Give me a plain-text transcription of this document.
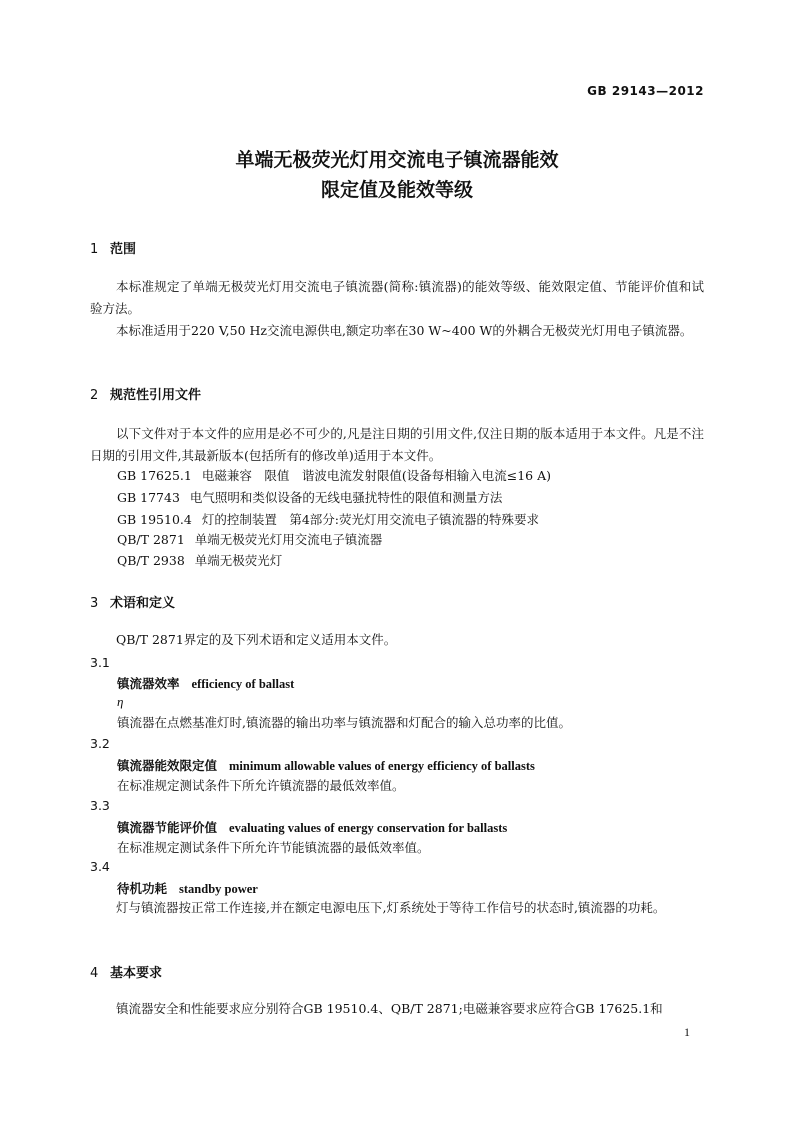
GB 29143—2012
单端无极荧光灯用交流电子镇流器能效
限定值及能效等级
1 范围
本标准规定了单端无极荧光灯用交流电子镇流器(简称:镇流器)的能效等级、能效限定值、节能评价值和试验方法。
本标准适用于220 V,50 Hz交流电源供电,额定功率在30 W~400 W的外耦合无极荧光灯用电子镇流器。
2 规范性引用文件
以下文件对于本文件的应用是必不可少的,凡是注日期的引用文件,仅注日期的版本适用于本文件。凡是不注日期的引用文件,其最新版本(包括所有的修改单)适用于本文件。
GB 17625.1 电磁兼容　限值　谐波电流发射限值(设备每相输入电流≤16 A)
GB 17743 电气照明和类似设备的无线电骚扰特性的限值和测量方法
GB 19510.4 灯的控制装置　第4部分:荧光灯用交流电子镇流器的特殊要求
QB/T 2871 单端无极荧光灯用交流电子镇流器
QB/T 2938 单端无极荧光灯
3 术语和定义
QB/T 2871界定的及下列术语和定义适用本文件。
3.1
镇流器效率 efficiency of ballast
η
镇流器在点燃基准灯时,镇流器的输出功率与镇流器和灯配合的输入总功率的比值。
3.2
镇流器能效限定值 minimum allowable values of energy efficiency of ballasts
在标准规定测试条件下所允许镇流器的最低效率值。
3.3
镇流器节能评价值 evaluating values of energy conservation for ballasts
在标准规定测试条件下所允许节能镇流器的最低效率值。
3.4
待机功耗 standby power
灯与镇流器按正常工作连接,并在额定电源电压下,灯系统处于等待工作信号的状态时,镇流器的功耗。
4 基本要求
镇流器安全和性能要求应分别符合GB 19510.4、QB/T 2871;电磁兼容要求应符合GB 17625.1和
1
